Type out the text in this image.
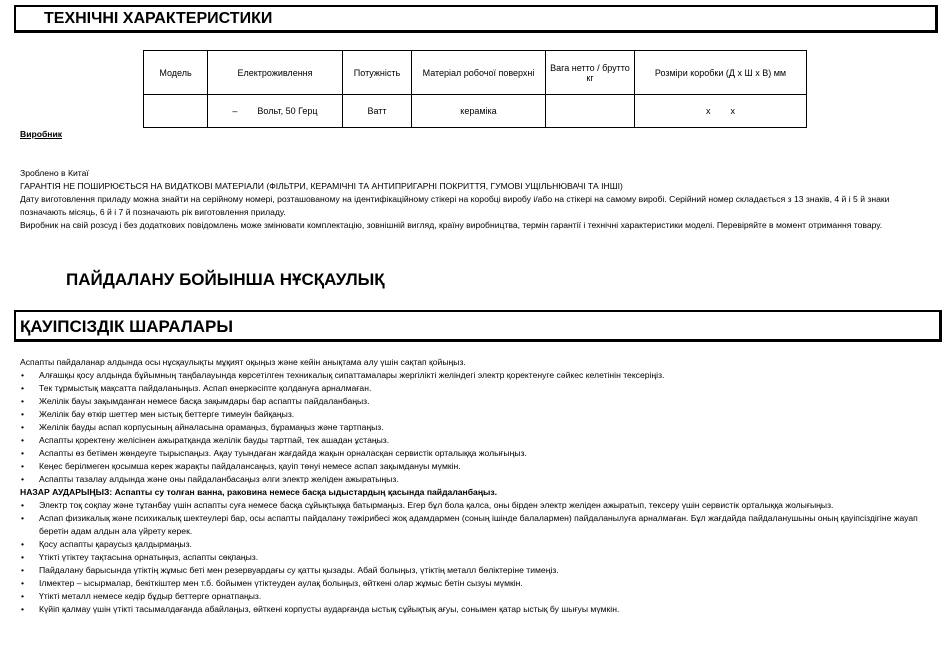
ТЕХНІЧНІ ХАРАКТЕРИСТИКИ
Модель	Електроживлення	Потужність	Матеріал робочої поверхні	Вага нетто / брутто кг	Розміри коробки (Д х Ш х В) мм
	–        Вольт, 50 Герц	Ватт	кераміка		х        х
Виробник
Зроблено в Китаї
ГАРАНТІЯ НЕ ПОШИРЮЄТЬСЯ НА ВИДАТКОВІ МАТЕРІАЛИ (ФІЛЬТРИ, КЕРАМІЧНІ ТА АНТИПРИГАРНІ ПОКРИТТЯ, ГУМОВІ УЩІЛЬНЮВАЧІ ТА ІНШІ)
Дату виготовлення приладу можна знайти на серійному номері, розташованому на ідентифікаційному стікері на коробці виробу і/або на стікері на самому виробі. Серійний номер складається з 13 знаків, 4 й і 5 й знаки позначають місяць, 6 й і 7 й позначають рік виготовлення приладу.
Виробник на свій розсуд і без додаткових повідомлень може змінювати комплектацію, зовнішній вигляд, країну виробництва, термін гарантії і технічні характеристики моделі. Перевіряйте в момент отримання товару.
ПАЙДАЛАНУ БОЙЫНША НҰСҚАУЛЫҚ
ҚАУІПСІЗДІК ШАРАЛАРЫ
Аспапты пайдаланар алдында осы нұсқаулықты мұқият оқыңыз және кейін анықтама алу үшін сақтап қойыңыз.
• Алғашқы қосу алдында бұйымның таңбалауында көрсетілген техникалық сипаттамалары жергілікті желіндегі электр қоректенуге сәйкес келетінін тексеріңіз.
• Тек тұрмыстық мақсатта пайдаланыңыз. Аспап өнеркәсіпте қолдануға арналмаған.
• Желілік бауы зақымданған немесе басқа зақымдары бар аспапты пайдаланбаңыз.
• Желілік бау өткір шеттер мен ыстық беттерге тимеуін байқаңыз.
• Желілік бауды аспап корпусының айналасына орамаңыз, бұрамаңыз және тартпаңыз.
• Аспапты қоректену желісінен ажыратқанда желілік бауды тартпай, тек ашадан ұстаңыз.
• Аспапты өз бетімен жөндеуге тырыспаңыз. Ақау туындаған жағдайда жақын орналасқан сервистік орталыққа жолығыңыз.
• Кеңес берілмеген қосымша керек жарақты пайдалансаңыз, қауіп төнуі немесе аспап зақымдануы мүмкін.
• Аспапты тазалау алдында және оны пайдаланбасаңыз әлги электр желіден ажыратыңыз.
НАЗАР АУДАРЫҢЫЗ: Аспапты су толған ванна, раковина немесе басқа ыдыстардың қасында пайдаланбаңыз.
• Электр тоқ соқпау және тұтанбау үшін аспапты суға немесе басқа сұйықтыққа батырмаңыз. Егер бұл бола қалса, оны бірден электр желіден ажыратып, тексеру үшін сервистік орталыққа жолығыңыз.
• Аспап физикалық және психикалық шектеулері бар, осы аспапты пайдалану тәжірибесі жоқ адамдармен (соның ішінде балалармен) пайдаланылуға арналмаған. Бұл жағдайда пайдаланушыны оның қауіпсіздігіне жауап беретін адам алдын ала үйрету керек.
• Қосу аспапты қараусыз қалдырмаңыз.
• Үтікті үтіктеу тақтасына орнатыңыз, аспапты сөқпаңыз.
• Пайдалану барысында үтіктің жұмыс беті мен резервуардағы су қатты қызады. Абай болыңыз, үтіктің металл бөліктеріне тимеңіз.
• Ілмектер – ысырмалар, бекіткіштер мен т.б. бойымен үтіктеуден аулақ болыңыз, өйткені олар жұмыс бетін сызуы мүмкін.
• Үтікті металл немесе кедір бұдыр беттерге орнатпаңыз.
• Күйіп қалмау үшін үтікті тасымалдағанда абайлаңыз, өйткені корпусты аударғанда ыстық сұйықтық ағуы, сонымен қатар ыстық бу шығуы мүмкін.
